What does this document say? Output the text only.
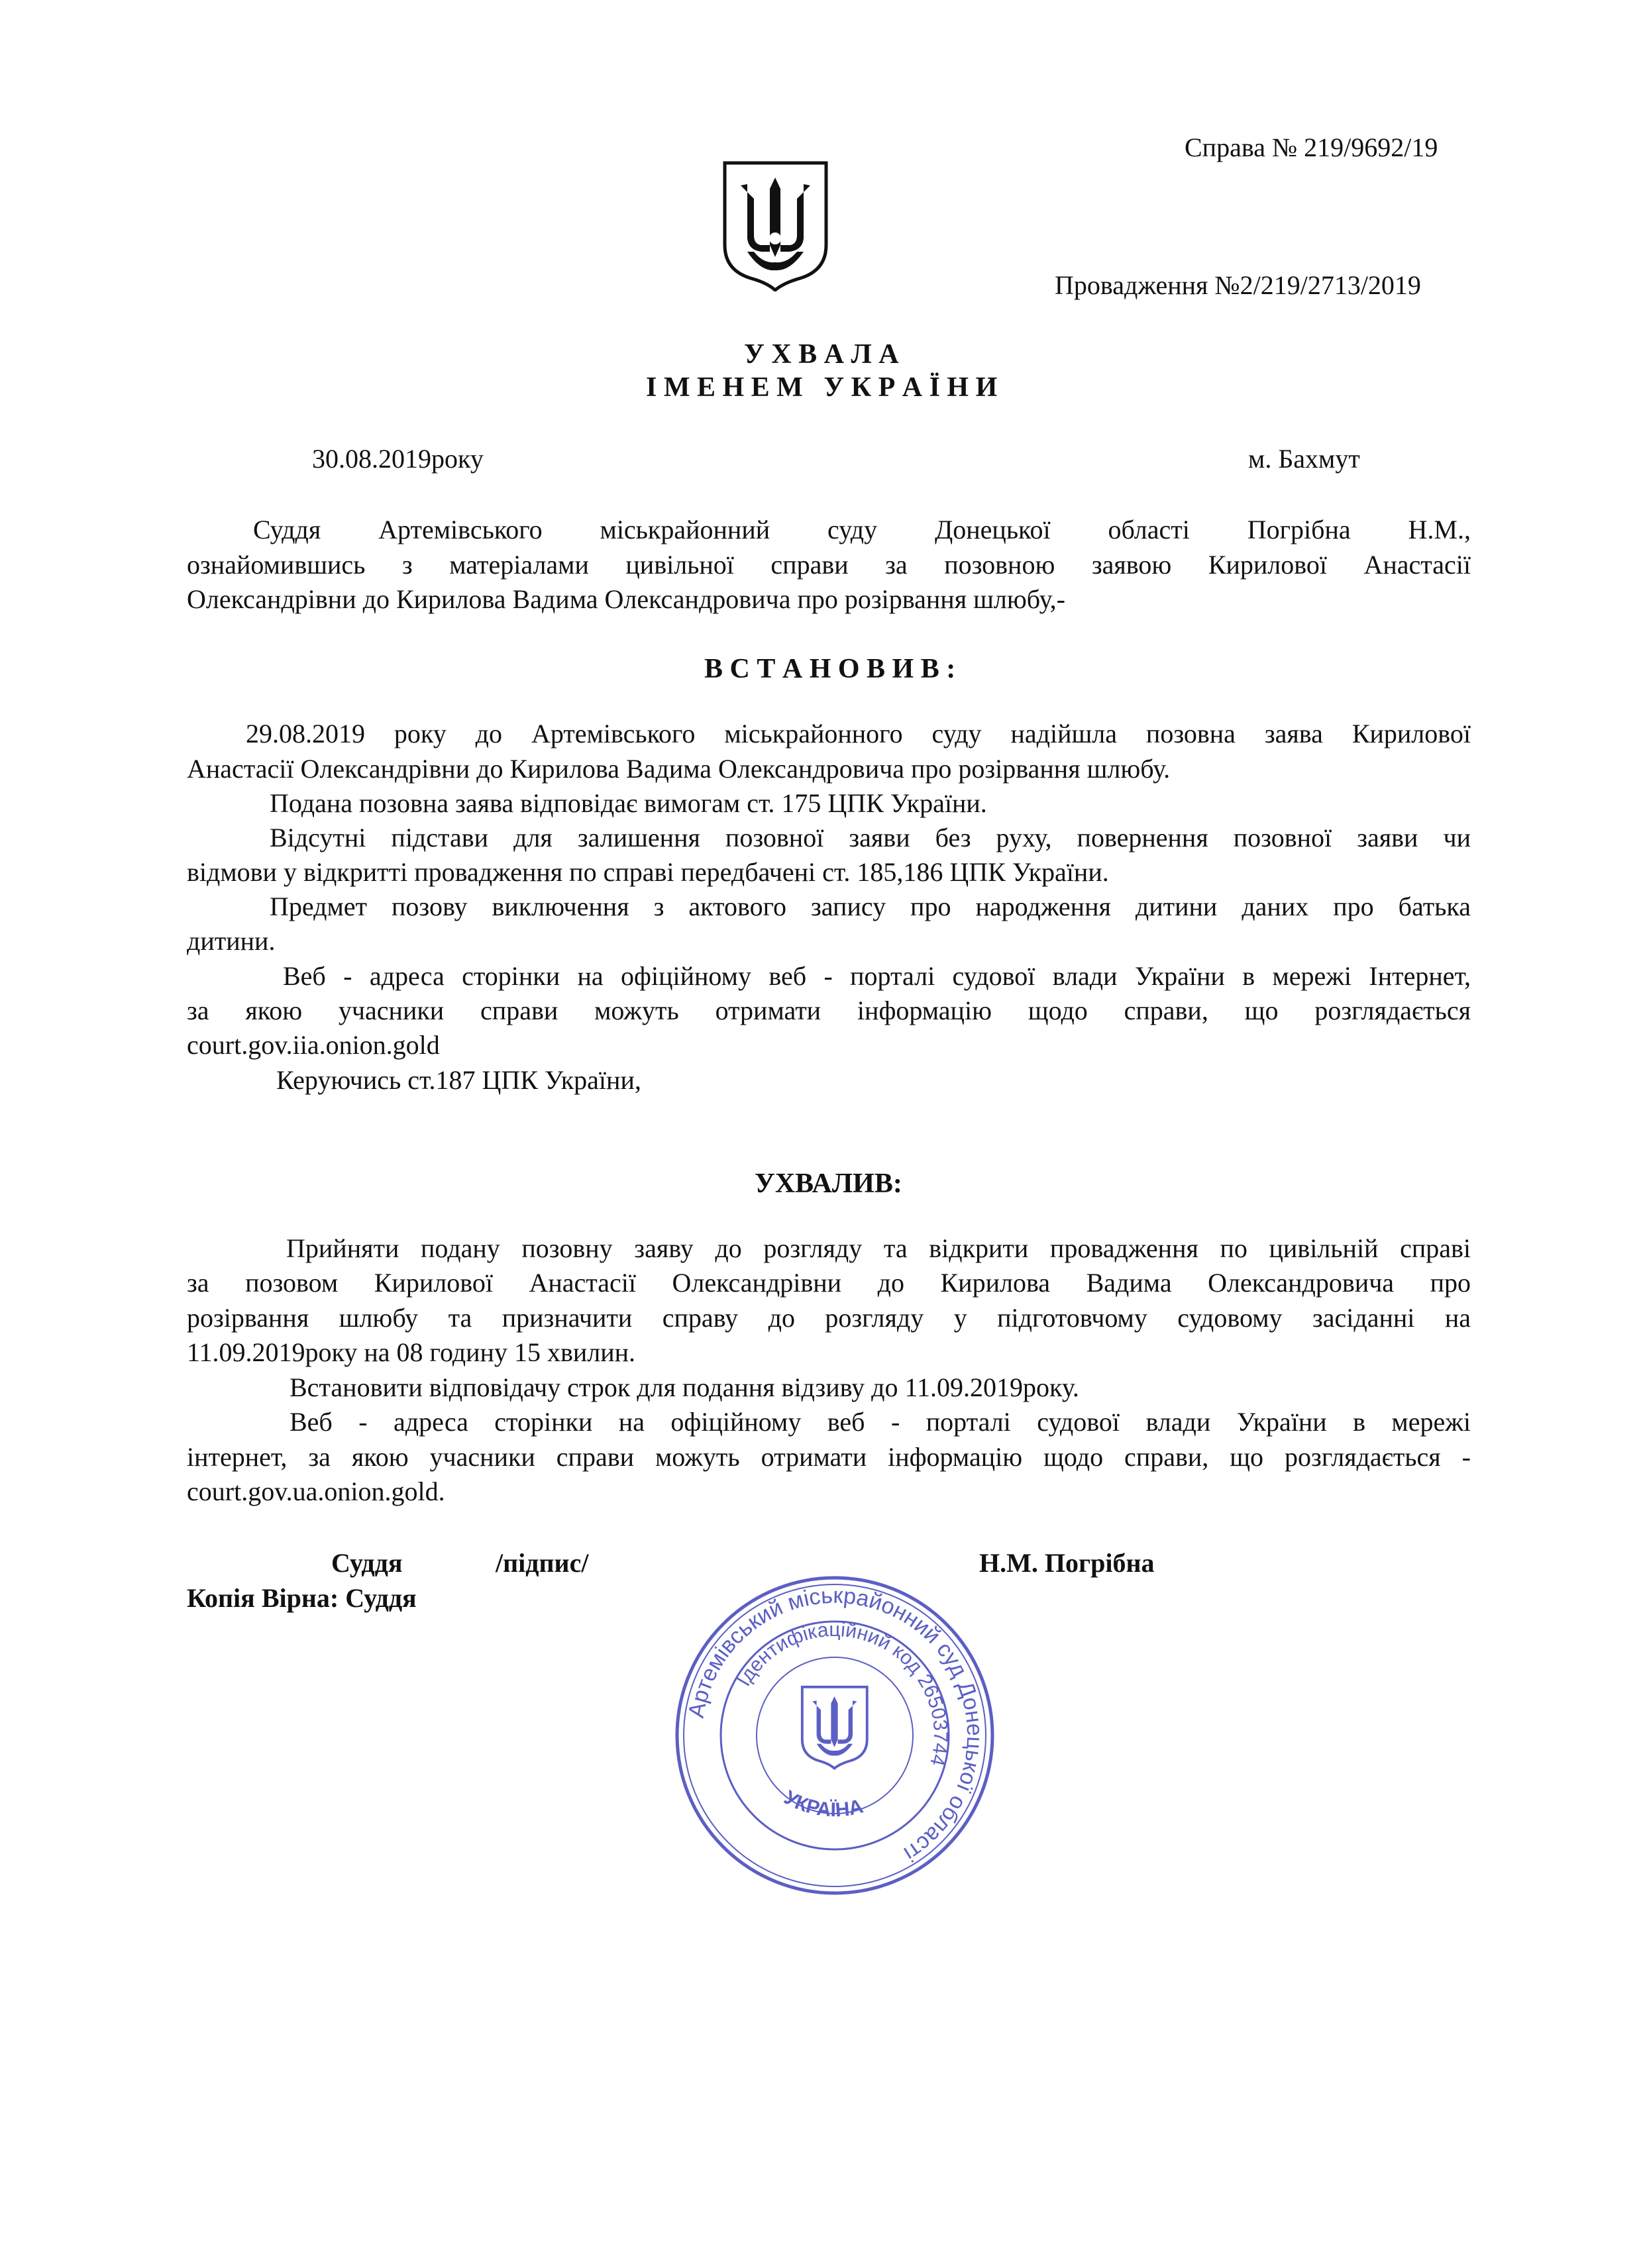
Справа № 219/9692/19
Провадження №2/219/2713/2019
У Х В А Л А
І М Е Н Е М   У К Р А Ї Н И
30.08.2019року	м. Бахмут
Суддя Артемівського міськрайонний суду Донецької області Погрібна Н.М.,
ознайомившись з матеріалами цивільної справи за позовною заявою Кирилової Анастасії
Олександрівни до Кирилова Вадима Олександровича про розірвання шлюбу,-
В С Т А Н О В И В :
29.08.2019 року до Артемівського міськрайонного суду надійшла позовна заява Кирилової
Анастасії Олександрівни до Кирилова Вадима Олександровича про розірвання шлюбу.
Подана позовна заява відповідає вимогам ст. 175 ЦПК України.
Відсутні підстави для залишення позовної заяви без руху, повернення позовної заяви чи
відмови у відкритті провадження по справі передбачені ст. 185,186 ЦПК України.
Предмет позову виключення з актового запису про народження дитини даних про батька
дитини.
Веб - адреса сторінки на офіційному веб - порталі судової влади України в мережі Інтернет,
за якою учасники справи можуть отримати інформацію щодо справи, що розглядається
court.gov.iia.onion.gold
Керуючись ст.187 ЦПК України,
УХВАЛИВ:
Прийняти подану позовну заяву до розгляду та відкрити провадження по цивільній справі
за позовом Кирилової Анастасії Олександрівни до Кирилова Вадима Олександровича про
розірвання шлюбу та призначити справу до розгляду у підготовчому судовому засіданні на
11.09.2019року на 08 годину 15 хвилин.
Встановити відповідачу строк для подання відзиву до 11.09.2019року.
Веб - адреса сторінки на офіційному веб - порталі судової влади України в мережі
інтернет, за якою учасники справи можуть отримати інформацію щодо справи, що розглядається -
court.gov.ua.onion.gold.
Суддя	/підпис/	Н.М. Погрібна
Копія Вірна: Суддя
Артемівський міськрайонний суд Донецької області
Ідентифікаційний код 26503744
УКРАЇНА
